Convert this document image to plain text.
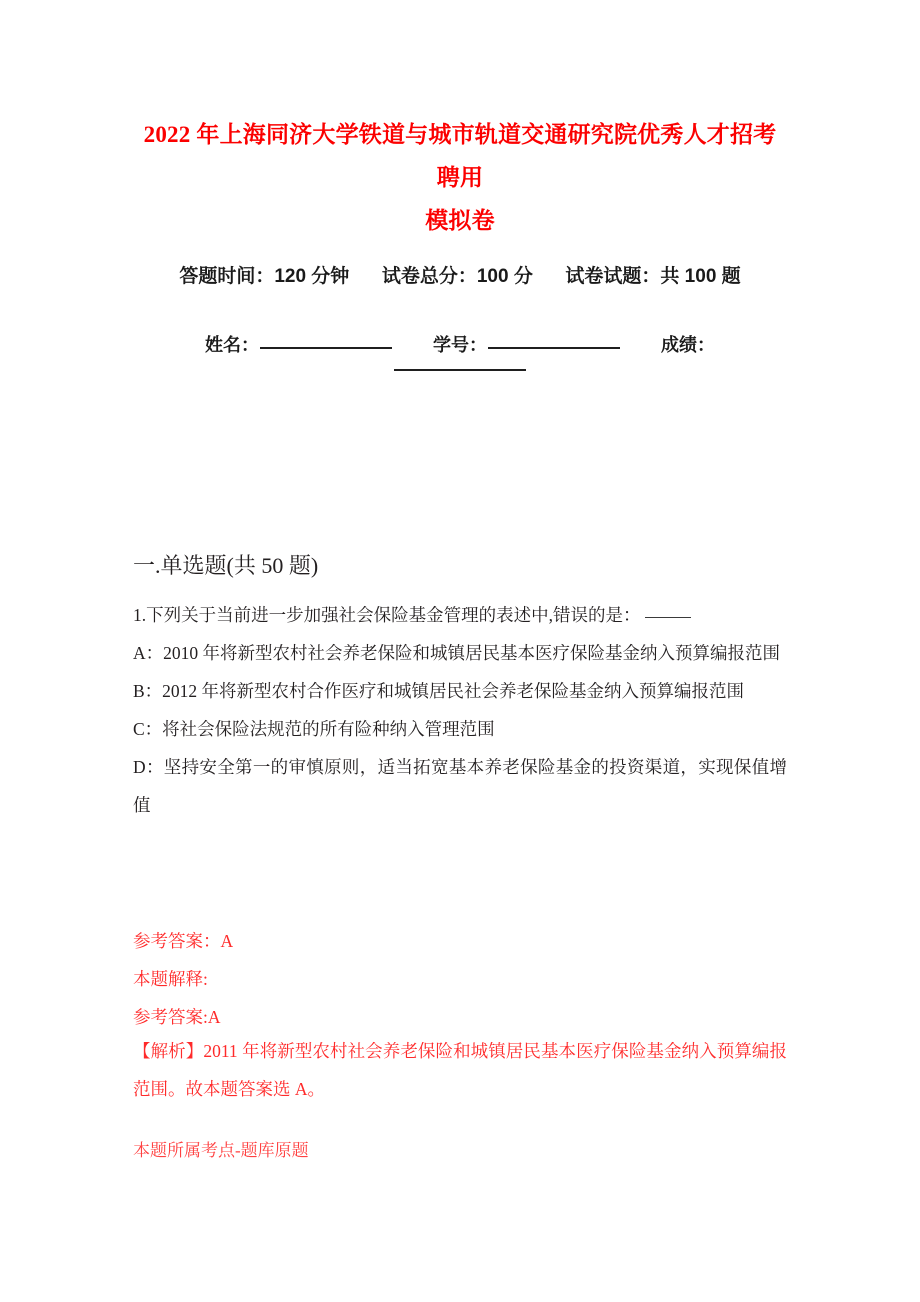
2022 年上海同济大学铁道与城市轨道交通研究院优秀人才招考聘用
模拟卷
答题时间：120 分钟 试卷总分：100 分 试卷试题：共 100 题
姓名：	学号：	成绩：
一.单选题(共 50 题)

1.下列关于当前进一步加强社会保险基金管理的表述中,错误的是：

A：2010 年将新型农村社会养老保险和城镇居民基本医疗保险基金纳入预算编报范围

B：2012 年将新型农村合作医疗和城镇居民社会养老保险基金纳入预算编报范围

C：将社会保险法规范的所有险种纳入管理范围

D：坚持安全第一的审慎原则，适当拓宽基本养老保险基金的投资渠道，实现保值增值

参考答案：A

本题解释:

参考答案:A

【解析】2011 年将新型农村社会养老保险和城镇居民基本医疗保险基金纳入预算编报范围。故本题答案选 A。

本题所属考点-题库原题
